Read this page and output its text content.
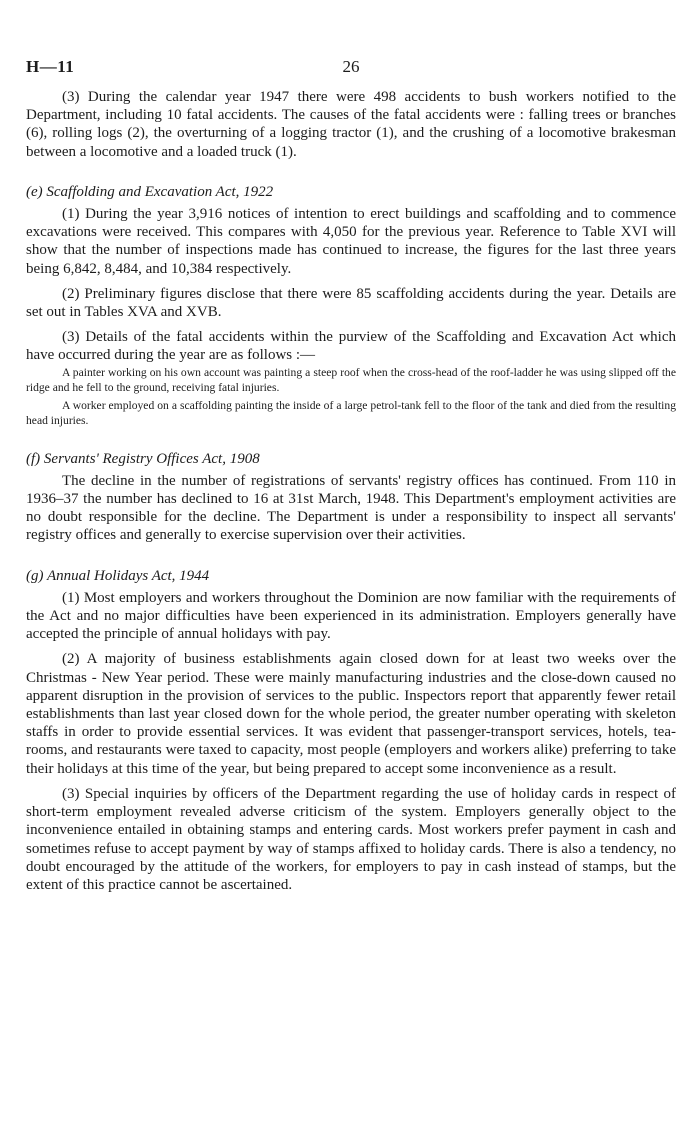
H—11	26

(3) During the calendar year 1947 there were 498 accidents to bush workers notified to the Department, including 10 fatal accidents. The causes of the fatal accidents were : falling trees or branches (6), rolling logs (2), the overturning of a logging tractor (1), and the crushing of a locomotive brakesman between a locomotive and a loaded truck (1).

(e) Scaffolding and Excavation Act, 1922

(1) During the year 3,916 notices of intention to erect buildings and scaffolding and to commence excavations were received. This compares with 4,050 for the previous year. Reference to Table XVI will show that the number of inspections made has continued to increase, the figures for the last three years being 6,842, 8,484, and 10,384 respectively.

(2) Preliminary figures disclose that there were 85 scaffolding accidents during the year. Details are set out in Tables XVA and XVB.

(3) Details of the fatal accidents within the purview of the Scaffolding and Excavation Act which have occurred during the year are as follows :—

A painter working on his own account was painting a steep roof when the cross-head of the roof-ladder he was using slipped off the ridge and he fell to the ground, receiving fatal injuries.

A worker employed on a scaffolding painting the inside of a large petrol-tank fell to the floor of the tank and died from the resulting head injuries.

(f) Servants' Registry Offices Act, 1908

The decline in the number of registrations of servants' registry offices has continued. From 110 in 1936–37 the number has declined to 16 at 31st March, 1948. This Department's employment activities are no doubt responsible for the decline. The Department is under a responsibility to inspect all servants' registry offices and generally to exercise supervision over their activities.

(g) Annual Holidays Act, 1944

(1) Most employers and workers throughout the Dominion are now familiar with the requirements of the Act and no major difficulties have been experienced in its administration. Employers generally have accepted the principle of annual holidays with pay.

(2) A majority of business establishments again closed down for at least two weeks over the Christmas - New Year period. These were mainly manufacturing industries and the close-down caused no apparent disruption in the provision of services to the public. Inspectors report that apparently fewer retail establishments than last year closed down for the whole period, the greater number operating with skeleton staffs in order to provide essential services. It was evident that passenger-transport services, hotels, tea-rooms, and restaurants were taxed to capacity, most people (employers and workers alike) preferring to take their holidays at this time of the year, but being prepared to accept some inconvenience as a result.

(3) Special inquiries by officers of the Department regarding the use of holiday cards in respect of short-term employment revealed adverse criticism of the system. Employers generally object to the inconvenience entailed in obtaining stamps and entering cards. Most workers prefer payment in cash and sometimes refuse to accept payment by way of stamps affixed to holiday cards. There is also a tendency, no doubt encouraged by the attitude of the workers, for employers to pay in cash instead of stamps, but the extent of this practice cannot be ascertained.
